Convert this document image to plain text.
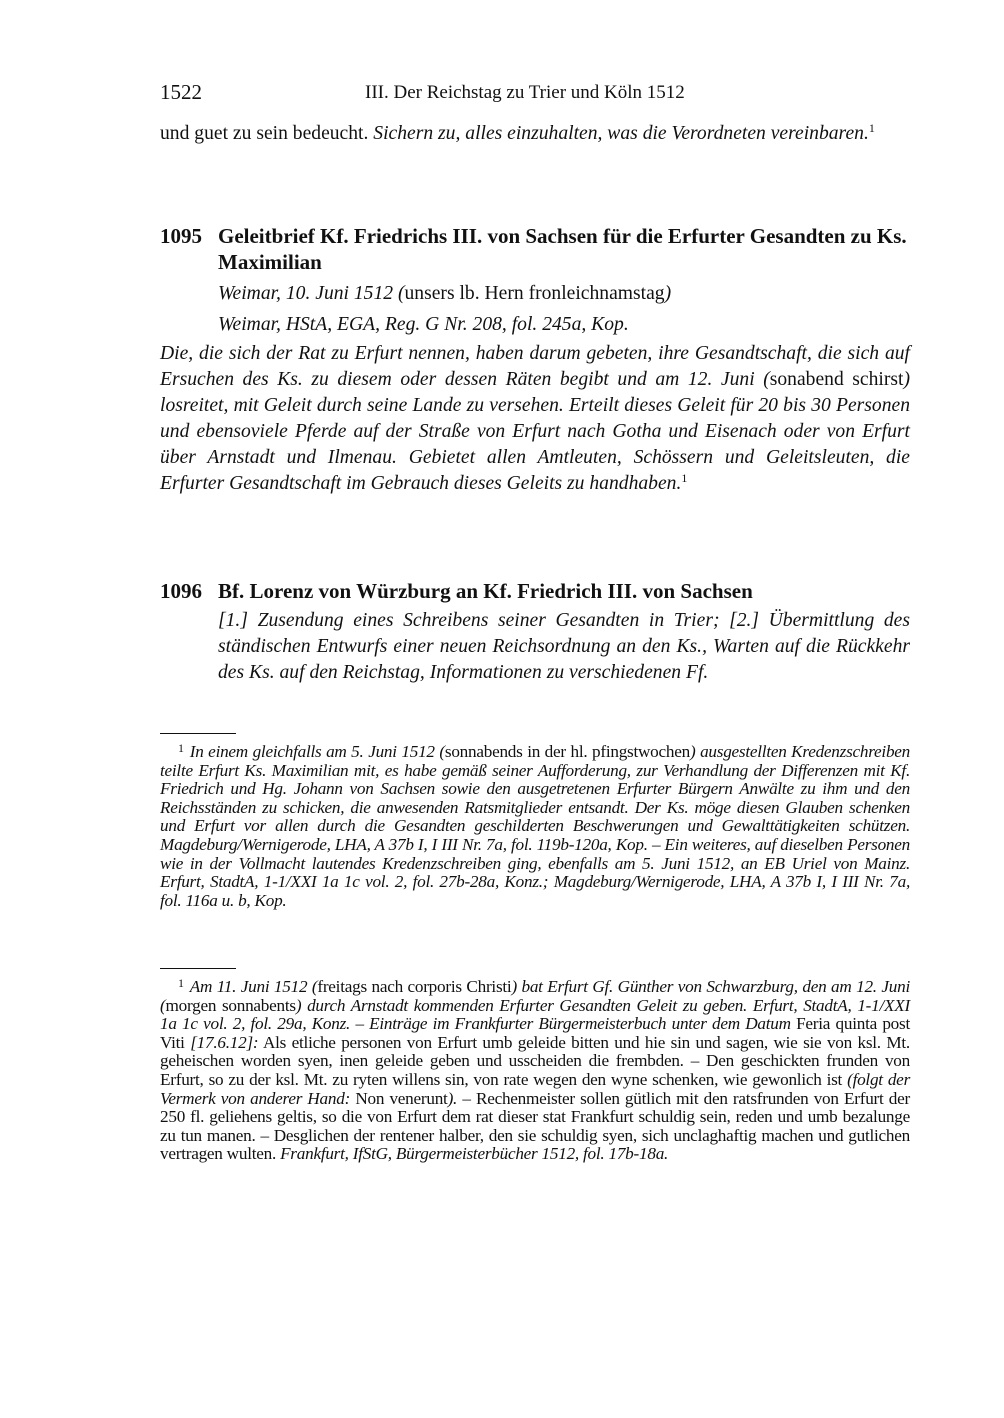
1522	III. Der Reichstag zu Trier und Köln 1512
und guet zu sein bedeucht. Sichern zu, alles einzuhalten, was die Verordneten vereinbaren.$^1$
1095 Geleitbrief Kf. Friedrichs III. von Sachsen für die Erfurter Gesandten zu Ks. Maximilian
Weimar, 10. Juni 1512 (unsers lb. Hern fronleichnamstag)
Weimar, HStA, EGA, Reg. G Nr. 208, fol. 245a, Kop.
Die, die sich der Rat zu Erfurt nennen, haben darum gebeten, ihre Gesandtschaft, die sich auf Ersuchen des Ks. zu diesem oder dessen Räten begibt und am 12. Juni (sonabend schirst) losreitet, mit Geleit durch seine Lande zu versehen. Erteilt dieses Geleit für 20 bis 30 Personen und ebensoviele Pferde auf der Straße von Erfurt nach Gotha und Eisenach oder von Erfurt über Arnstadt und Ilmenau. Gebietet allen Amtleuten, Schössern und Geleitsleuten, die Erfurter Gesandtschaft im Gebrauch dieses Geleits zu handhaben.$^1$
1096 Bf. Lorenz von Würzburg an Kf. Friedrich III. von Sachsen
[1.] Zusendung eines Schreibens seiner Gesandten in Trier; [2.] Übermittlung des ständischen Entwurfs einer neuen Reichsordnung an den Ks., Warten auf die Rückkehr des Ks. auf den Reichstag, Informationen zu verschiedenen Ff.
$^1$ In einem gleichfalls am 5. Juni 1512 (sonnabends in der hl. pfingstwochen) ausgestellten Kredenzschreiben teilte Erfurt Ks. Maximilian mit, es habe gemäß seiner Aufforderung, zur Verhandlung der Differenzen mit Kf. Friedrich und Hg. Johann von Sachsen sowie den ausgetretenen Erfurter Bürgern Anwälte zu ihm und den Reichsständen zu schicken, die anwesenden Ratsmitglieder entsandt. Der Ks. möge diesen Glauben schenken und Erfurt vor allen durch die Gesandten geschilderten Beschwerungen und Gewalttätigkeiten schützen. Magdeburg/Wernigerode, LHA, A 37b I, I III Nr. 7a, fol. 119b-120a, Kop. – Ein weiteres, auf dieselben Personen wie in der Vollmacht lautendes Kredenzschreiben ging, ebenfalls am 5. Juni 1512, an EB Uriel von Mainz. Erfurt, StadtA, 1-1/XXI 1a 1c vol. 2, fol. 27b-28a, Konz.; Magdeburg/Wernigerode, LHA, A 37b I, I III Nr. 7a, fol. 116a u. b, Kop.
$^1$ Am 11. Juni 1512 (freitags nach corporis Christi) bat Erfurt Gf. Günther von Schwarzburg, den am 12. Juni (morgen sonnabents) durch Arnstadt kommenden Erfurter Gesandten Geleit zu geben. Erfurt, StadtA, 1-1/XXI 1a 1c vol. 2, fol. 29a, Konz. – Einträge im Frankfurter Bürgermeisterbuch unter dem Datum Feria quinta post Viti [17.6.12]: Als etliche personen von Erfurt umb geleide bitten und hie sin und sagen, wie sie von ksl. Mt. geheischen worden syen, inen geleide geben und usscheiden die frembden. – Den geschickten frunden von Erfurt, so zu der ksl. Mt. zu ryten willens sin, von rate wegen den wyne schenken, wie gewonlich ist (folgt der Vermerk von anderer Hand: Non venerunt). – Rechenmeister sollen gütlich mit den ratsfrunden von Erfurt der 250 fl. geliehens geltis, so die von Erfurt dem rat dieser stat Frankfurt schuldig sein, reden und umb bezalunge zu tun manen. – Desglichen der rentener halber, den sie schuldig syen, sich unclaghaftig machen und gutlichen vertragen wulten. Frankfurt, IfStG, Bürgermeisterbücher 1512, fol. 17b-18a.
